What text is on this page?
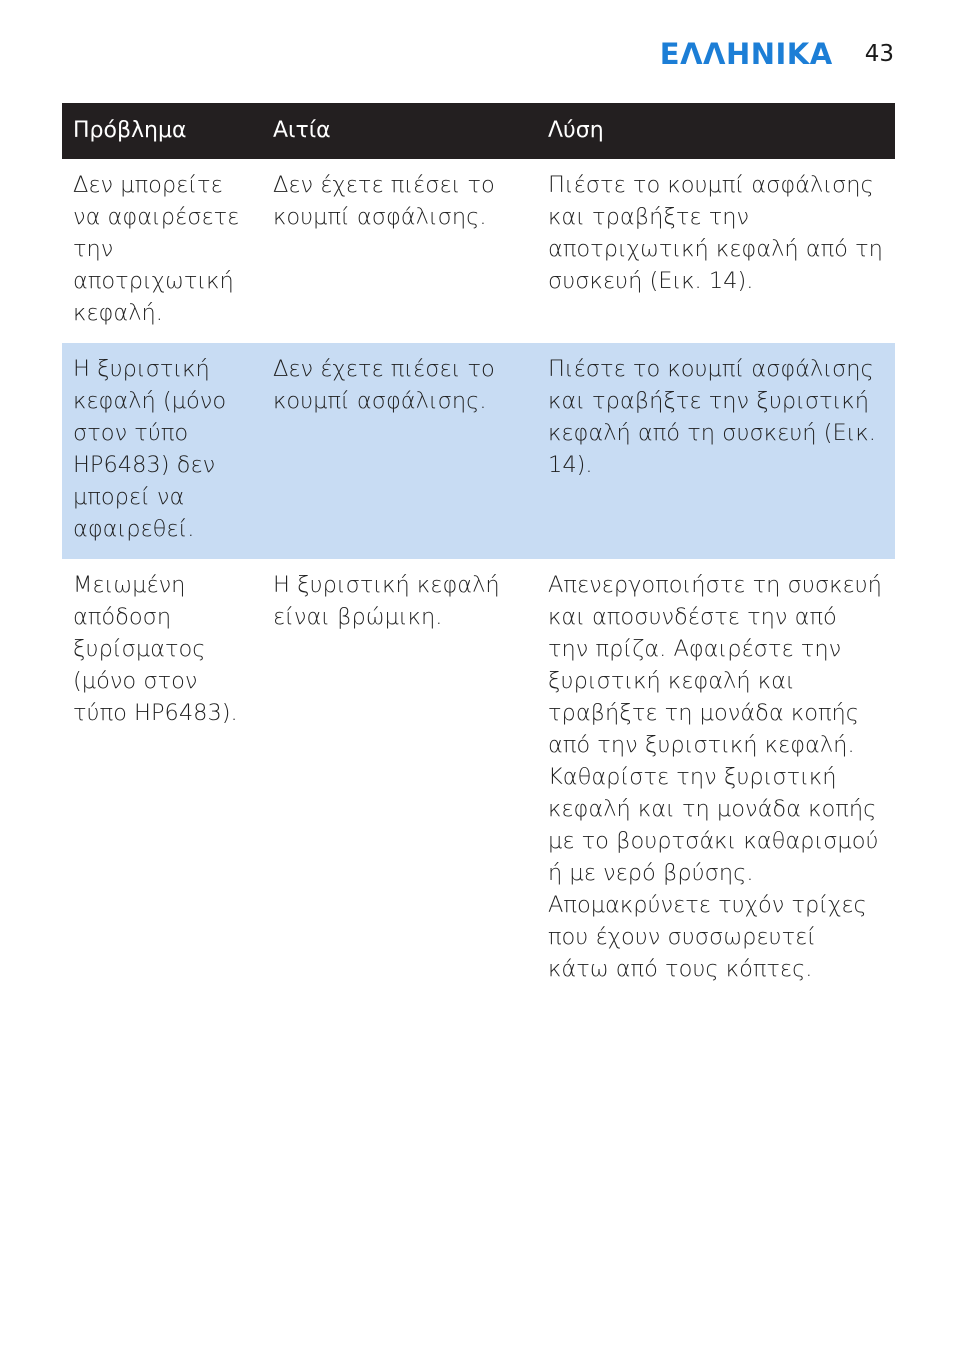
ΕΛΛΗΝΙΚΑ 43
Πρόβλημα	Αιτία	Λύση
Δεν μπορείτε να αφαιρέσετε την αποτριχωτική κεφαλή.
Δεν έχετε πιέσει το κουμπί ασφάλισης.
Πιέστε το κουμπί ασφάλισης και τραβήξτε την αποτριχωτική κεφαλή από τη συσκευή (Εικ. 14).
Η ξυριστική κεφαλή (μόνο στον τύπο HP6483) δεν μπορεί να αφαιρεθεί.
Δεν έχετε πιέσει το κουμπί ασφάλισης.
Πιέστε το κουμπί ασφάλισης και τραβήξτε την ξυριστική κεφαλή από τη συσκευή (Εικ. 14).
Μειωμένη απόδοση ξυρίσματος (μόνο στον τύπο HP6483).
Η ξυριστική κεφαλή είναι βρώμικη.
Απενεργοποιήστε τη συσκευή και αποσυνδέστε την από την πρίζα. Αφαιρέστε την ξυριστική κεφαλή και τραβήξτε τη μονάδα κοπής από την ξυριστική κεφαλή. Καθαρίστε την ξυριστική κεφαλή και τη μονάδα κοπής με το βουρτσάκι καθαρισμού ή με νερό βρύσης. Απομακρύνετε τυχόν τρίχες που έχουν συσσωρευτεί κάτω από τους κόπτες.
